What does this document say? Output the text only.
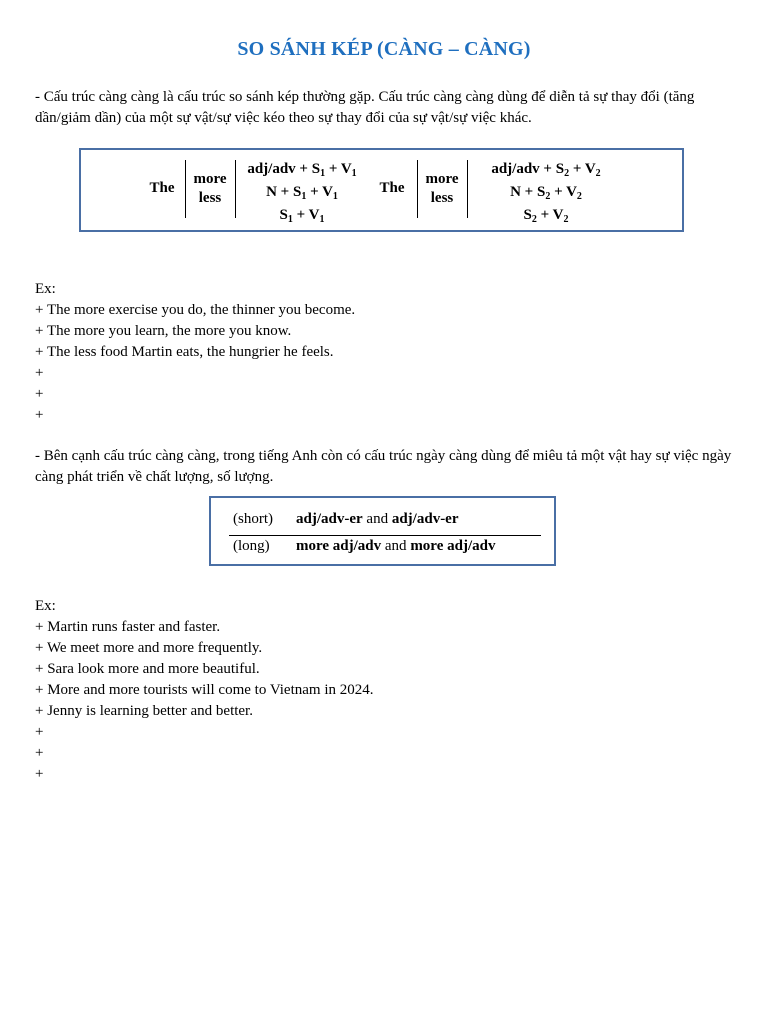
SO SÁNH KÉP (CÀNG – CÀNG)
- Cấu trúc càng càng là cấu trúc so sánh kép thường gặp. Cấu trúc càng càng dùng để diễn tả sự thay đổi (tăng dần/giảm dần) của một sự vật/sự việc kéo theo sự thay đổi của sự vật/sự việc khác.
The
more
less
$adj/adv + S_1 + V_1$
$N + S_1 + V_1$
$S_1 + V_1$
The
more
less
$adj/adv + S_2 + V_2$
$N + S_2 + V_2$
$S_2 + V_2$
Ex:
+ The more exercise you do, the thinner you become.
+ The more you learn, the more you know.
+ The less food Martin eats, the hungrier he feels.
+
+
+
- Bên cạnh cấu trúc càng càng, trong tiếng Anh còn có cấu trúc ngày càng dùng để miêu tả một vật hay sự việc ngày càng phát triển về chất lượng, số lượng.
(short) adj/adv-er and adj/adv-er
(long) more adj/adv and more adj/adv
Ex:
+ Martin runs faster and faster.
+ We meet more and more frequently.
+ Sara look more and more beautiful.
+ More and more tourists will come to Vietnam in 2024.
+ Jenny is learning better and better.
+
+
+
